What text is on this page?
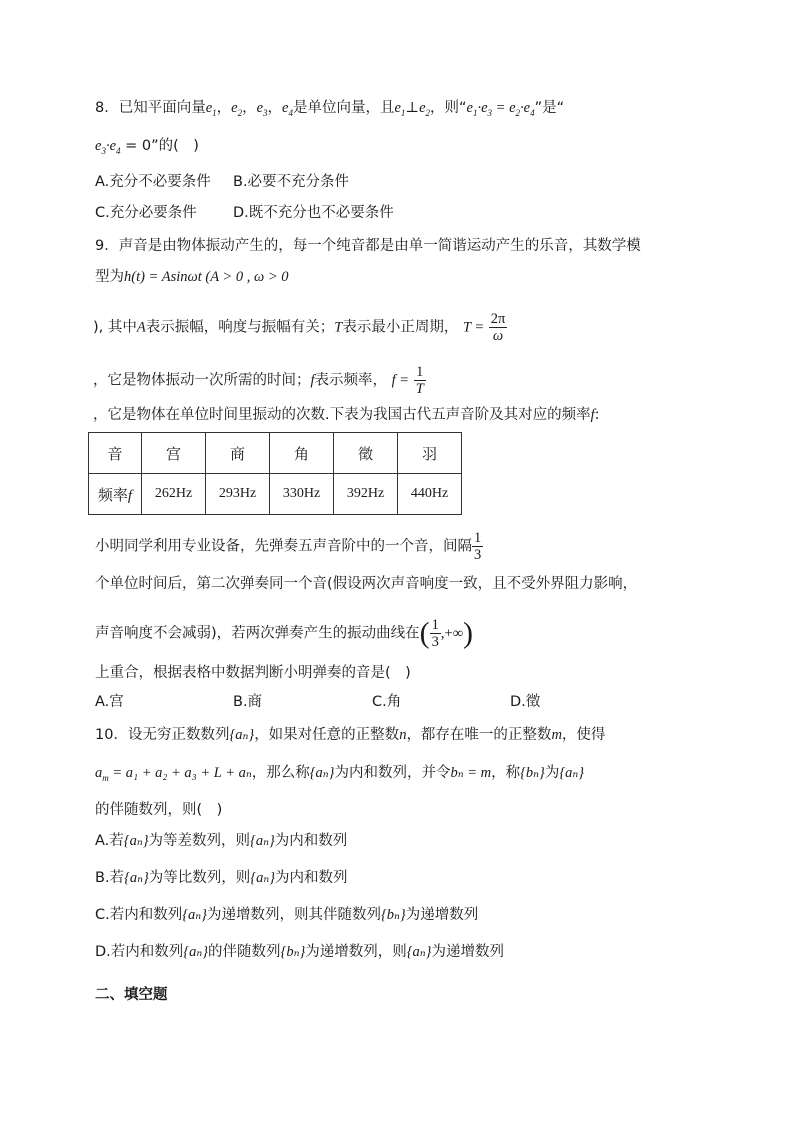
8．已知平面向量$e_1$，$e_2$，$e_3$，$e_4$是单位向量，且$e_1\perp e_2$，则“$e_1\cdot e_3 = e_2\cdot e_4$”是“
$e_3\cdot e_4 = 0$”的(　)
A.充分不必要条件 B.必要不充分条件
C.充分必要条件	D.既不充分也不必要条件
9．声音是由物体振动产生的，每一个纯音都是由单一简谐运动产生的乐音，其数学模
型为h(t) = Asinωt (A > 0 , ω > 0
), 其中A表示振幅，响度与振幅有关；T表示最小正周期， $T = \frac{2\pi}{\omega}$
，它是物体振动一次所需的时间；f表示频率， $f = \frac{1}{T}$
，它是物体在单位时间里振动的次数.下表为我国古代五声音阶及其对应的频率f:
音	宫	商	角	徵	羽
频率f	262Hz	293Hz	330Hz	392Hz	440Hz
小明同学利用专业设备，先弹奏五声音阶中的一个音，间隔 $\frac{1}{3}$
个单位时间后，第二次弹奏同一个音(假设两次声音响度一致，且不受外界阻力影响，
声音响度不会减弱)，若两次弹奏产生的振动曲线在( $\frac{1}{3}$ ,+∞)
上重合，根据表格中数据判断小明弹奏的音是(　)
A.宫	B.商	C.角	D.徵
10．设无穷正数数列{aₙ}，如果对任意的正整数n，都存在唯一的正整数m，使得
$a_m = a_1 + a_2 + a_3 + L + a_n$，那么称{aₙ}为内和数列，并令bₙ = m，称{bₙ}为{aₙ}
的伴随数列，则(　)
A.若{aₙ}为等差数列，则{aₙ}为内和数列
B.若{aₙ}为等比数列，则{aₙ}为内和数列
C.若内和数列{aₙ}为递增数列，则其伴随数列{bₙ}为递增数列
D.若内和数列{aₙ}的伴随数列{bₙ}为递增数列，则{aₙ}为递增数列
二、填空题
